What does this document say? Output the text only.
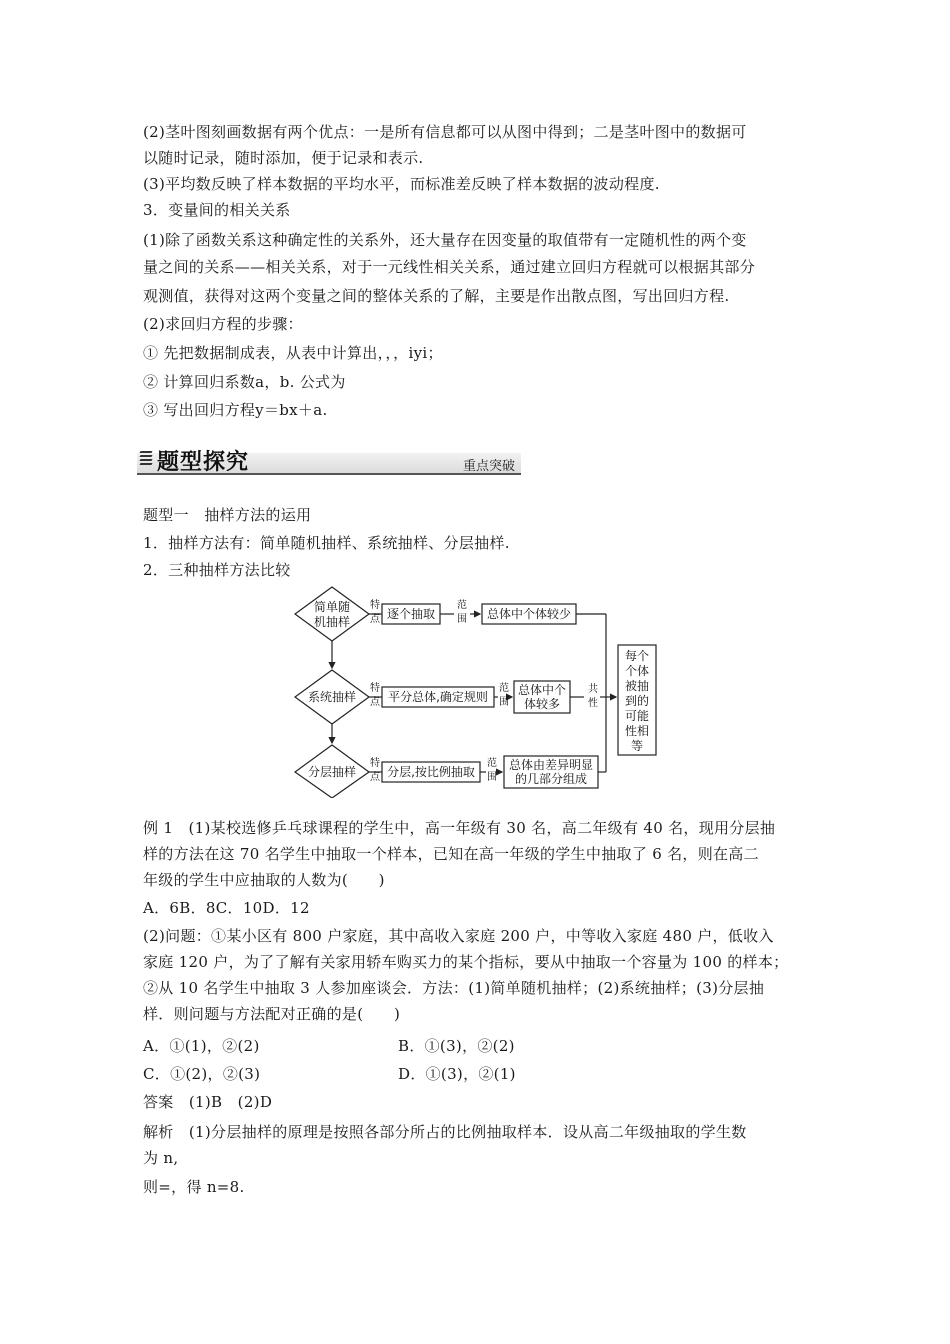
(2)茎叶图刻画数据有两个优点：一是所有信息都可以从图中得到；二是茎叶图中的数据可
以随时记录，随时添加，便于记录和表示.
(3)平均数反映了样本数据的平均水平，而标准差反映了样本数据的波动程度.
3．变量间的相关关系
(1)除了函数关系这种确定性的关系外，还大量存在因变量的取值带有一定随机性的两个变
量之间的关系——相关关系，对于一元线性相关关系，通过建立回归方程就可以根据其部分
观测值，获得对这两个变量之间的整体关系的了解，主要是作出散点图，写出回归方程.
(2)求回归方程的步骤：
① 先把数据制成表，从表中计算出，，，iyi；
② 计算回归系数a，b. 公式为
③ 写出回归方程y＝bx＋a.
题型探究	重点突破
题型一　抽样方法的运用
1．抽样方法有：简单随机抽样、系统抽样、分层抽样.
2．三种抽样方法比较
简单随
机抽样
系统抽样
分层抽样
特
点
特
点
特
点
范
围
范
围
范
围
共
性
逐个抽取	总体中个体较少
平分总体,确定规则	总体中个
体较多
分层,按比例抽取	总体由差异明显
的几部分组成
每个
个体
被抽
到的
可能
性相
等
例 1　(1)某校选修乒乓球课程的学生中，高一年级有 30 名，高二年级有 40 名，现用分层抽
样的方法在这 70 名学生中抽取一个样本，已知在高一年级的学生中抽取了 6 名，则在高二
年级的学生中应抽取的人数为(　　)
A．6B．8C．10D．12
(2)问题：①某小区有 800 户家庭，其中高收入家庭 200 户，中等收入家庭 480 户，低收入
家庭 120 户，为了了解有关家用轿车购买力的某个指标，要从中抽取一个容量为 100 的样本；
②从 10 名学生中抽取 3 人参加座谈会．方法：(1)简单随机抽样；(2)系统抽样；(3)分层抽
样．则问题与方法配对正确的是(　　)
A．①(1)，②(2)	B．①(3)，②(2)
C．①(2)，②(3)	D．①(3)，②(1)
答案　(1)B　(2)D
解析　(1)分层抽样的原理是按照各部分所占的比例抽取样本．设从高二年级抽取的学生数
为 n,
则=，得 n=8.
